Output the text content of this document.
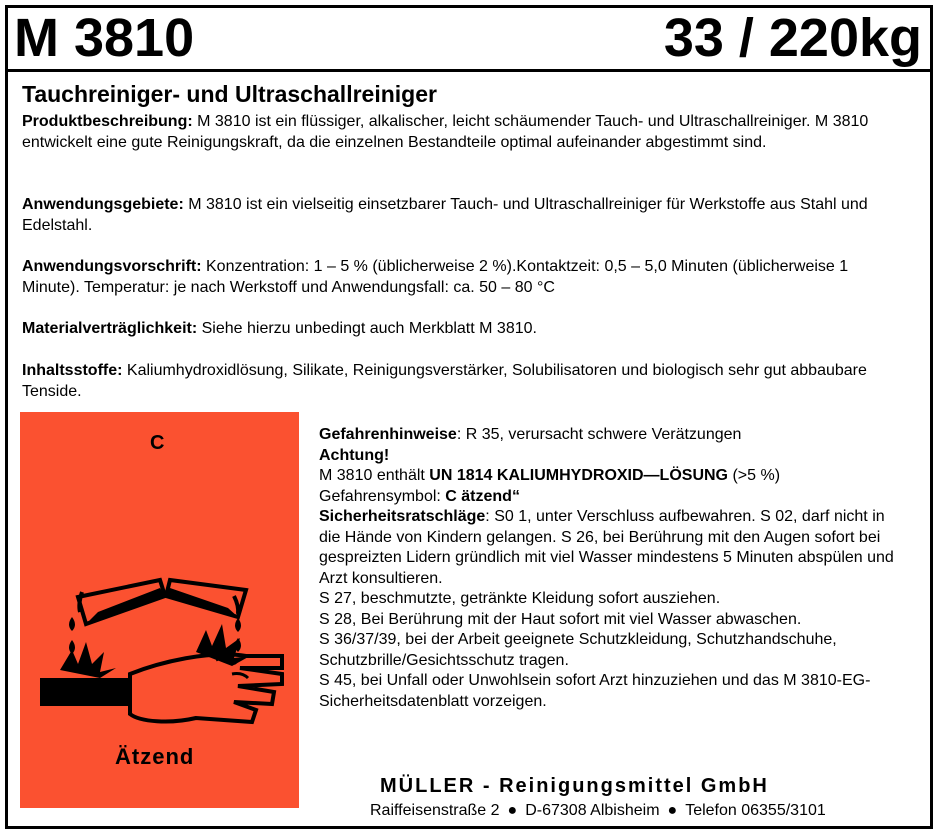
M 3810	33 / 220kg
Tauchreiniger- und Ultraschallreiniger
Produktbeschreibung: M 3810 ist ein flüssiger, alkalischer, leicht schäumender Tauch- und Ultraschallreiniger. M 3810 entwickelt eine gute Reinigungskraft, da die einzelnen Bestandteile optimal aufeinander abgestimmt sind.
Anwendungsgebiete: M 3810 ist ein vielseitig einsetzbarer Tauch- und Ultraschallreiniger für Werkstoffe aus Stahl und Edelstahl.
Anwendungsvorschrift: Konzentration: 1 – 5 % (üblicherweise 2 %).Kontaktzeit: 0,5 – 5,0 Minuten (üblicherweise 1 Minute). Temperatur: je nach Werkstoff und Anwendungsfall: ca. 50 – 80 °C
Materialverträglichkeit: Siehe hierzu unbedingt auch Merkblatt M 3810.
Inhaltsstoffe: Kaliumhydroxidlösung, Silikate, Reinigungsverstärker, Solubilisatoren und biologisch sehr gut abbaubare Tenside.
C
Ätzend
Gefahrenhinweise: R 35, verursacht schwere Verätzungen
Achtung!
M 3810 enthält UN 1814 KALIUMHYDROXID—LÖSUNG (>5 %)
Gefahrensymbol: C ätzend“
Sicherheitsratschläge: S0 1, unter Verschluss aufbewahren. S 02, darf nicht in die Hände von Kindern gelangen. S 26, bei Berührung mit den Augen sofort bei gespreizten Lidern gründlich mit viel Wasser mindestens 5 Minuten abspülen und Arzt konsultieren.
S 27, beschmutzte, getränkte Kleidung sofort ausziehen.
S 28, Bei Berührung mit der Haut sofort mit viel Wasser abwaschen.
S 36/37/39, bei der Arbeit geeignete Schutzkleidung, Schutzhandschuhe, Schutzbrille/Gesichtsschutz tragen.
S 45, bei Unfall oder Unwohlsein sofort Arzt hinzuziehen und das M 3810-EG-Sicherheitsdatenblatt vorzeigen.
MÜLLER - Reinigungsmittel GmbH
Raiffeisenstraße 2 ● D-67308 Albisheim ● Telefon 06355/3101
